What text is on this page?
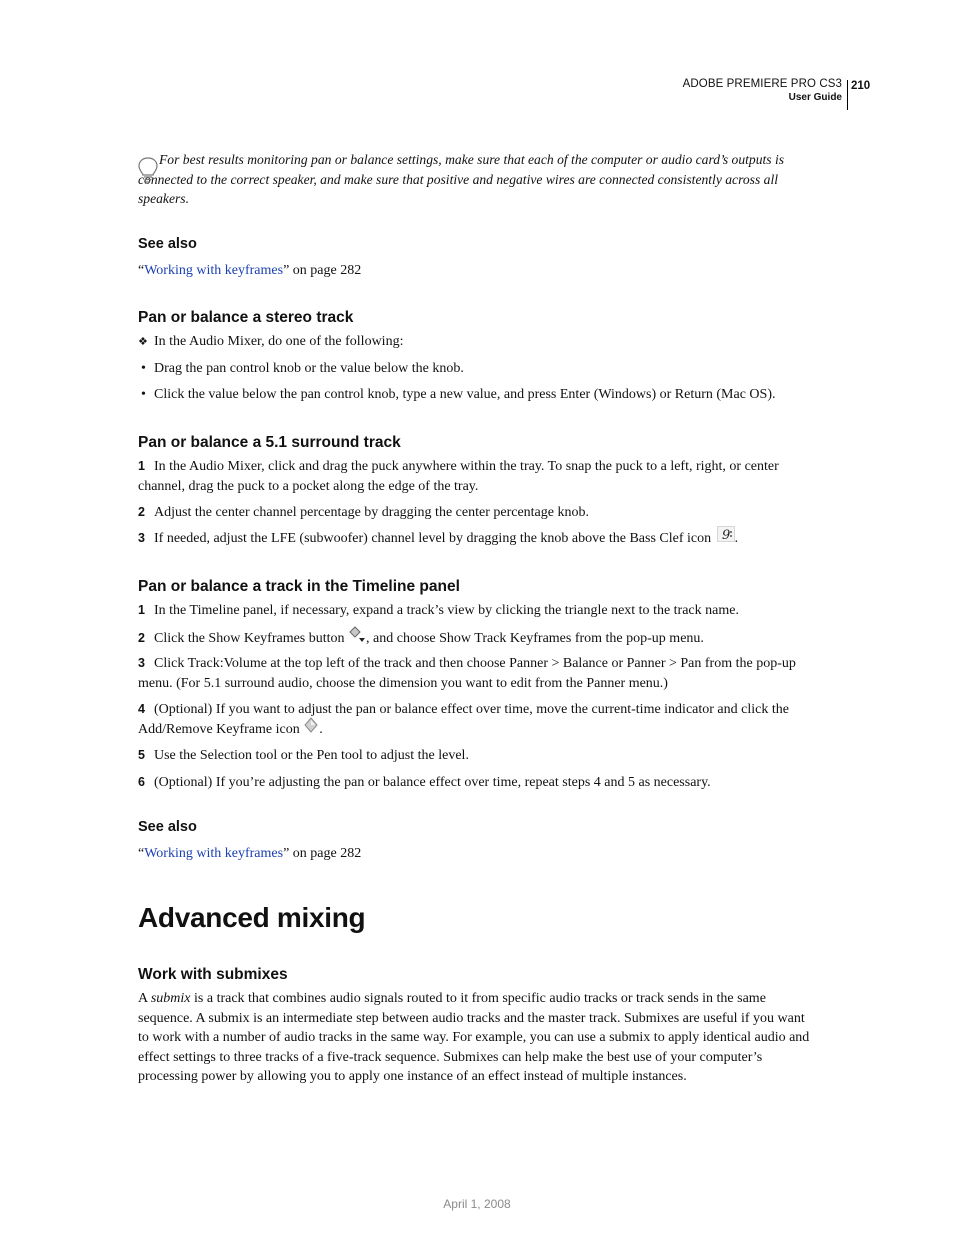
ADOBE PREMIERE PRO CS3
User Guide
210
For best results monitoring pan or balance settings, make sure that each of the computer or audio card’s outputs is connected to the correct speaker, and make sure that positive and negative wires are connected consistently across all speakers.
See also
“Working with keyframes” on page 282
Pan or balance a stereo track
❖ In the Audio Mixer, do one of the following:
• Drag the pan control knob or the value below the knob.
• Click the value below the pan control knob, type a new value, and press Enter (Windows) or Return (Mac OS).
Pan or balance a 5.1 surround track
1 In the Audio Mixer, click and drag the puck anywhere within the tray. To snap the puck to a left, right, or center channel, drag the puck to a pocket along the edge of the tray.
2 Adjust the center channel percentage by dragging the center percentage knob.
3 If needed, adjust the LFE (subwoofer) channel level by dragging the knob above the Bass Clef icon 9 .
Pan or balance a track in the Timeline panel
1 In the Timeline panel, if necessary, expand a track’s view by clicking the triangle next to the track name.
2 Click the Show Keyframes button , and choose Show Track Keyframes from the pop-up menu.
3 Click Track:Volume at the top left of the track and then choose Panner > Balance or Panner > Pan from the pop-up menu. (For 5.1 surround audio, choose the dimension you want to edit from the Panner menu.)
4 (Optional) If you want to adjust the pan or balance effect over time, move the current-time indicator and click the Add/Remove Keyframe icon .
5 Use the Selection tool or the Pen tool to adjust the level.
6 (Optional) If you’re adjusting the pan or balance effect over time, repeat steps 4 and 5 as necessary.
See also
“Working with keyframes” on page 282
Advanced mixing
Work with submixes
A submix is a track that combines audio signals routed to it from specific audio tracks or track sends in the same sequence. A submix is an intermediate step between audio tracks and the master track. Submixes are useful if you want to work with a number of audio tracks in the same way. For example, you can use a submix to apply identical audio and effect settings to three tracks of a five-track sequence. Submixes can help make the best use of your computer’s processing power by allowing you to apply one instance of an effect instead of multiple instances.
April 1, 2008
